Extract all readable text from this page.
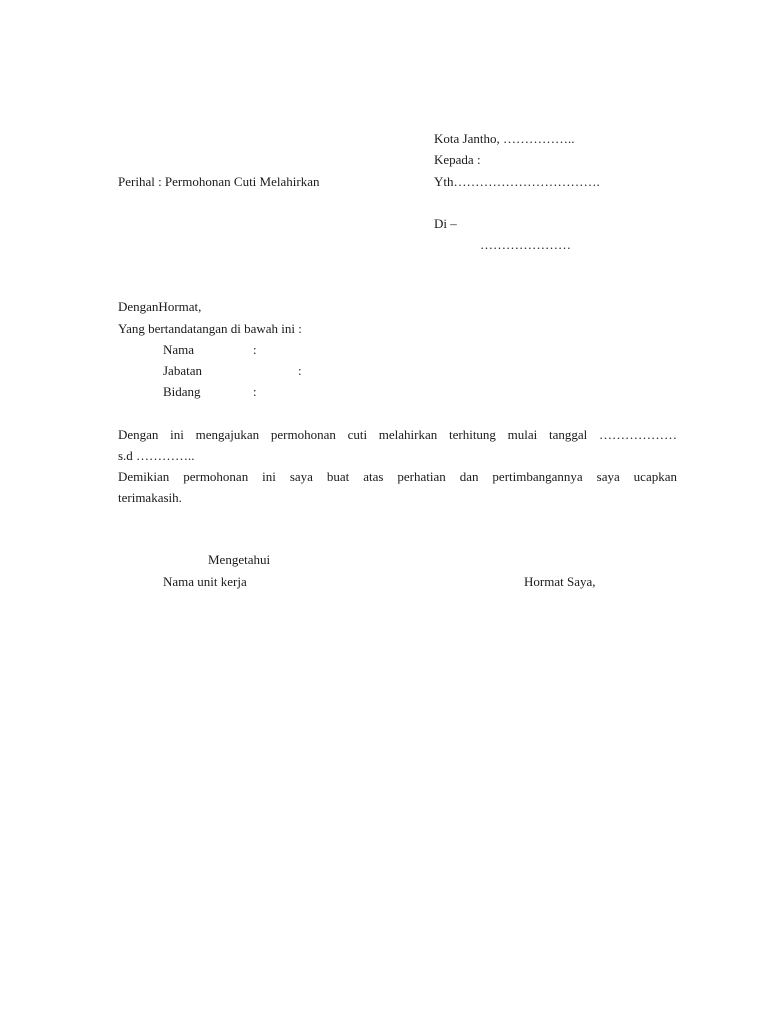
Kota Jantho, ……………..
Kepada :
Yth…………………………….
Perihal : Permohonan Cuti Melahirkan
Di –
…………………
DenganHormat,
Yang bertandatangan di bawah ini :
Nama	:
Jabatan	:
Bidang	:
Dengan ini mengajukan permohonan cuti melahirkan terhitung mulai tanggal ………………
s.d …………..
Demikian permohonan ini saya buat atas perhatian dan pertimbangannya saya ucapkan
terimakasih.
Mengetahui
Nama unit kerja	Hormat Saya,
